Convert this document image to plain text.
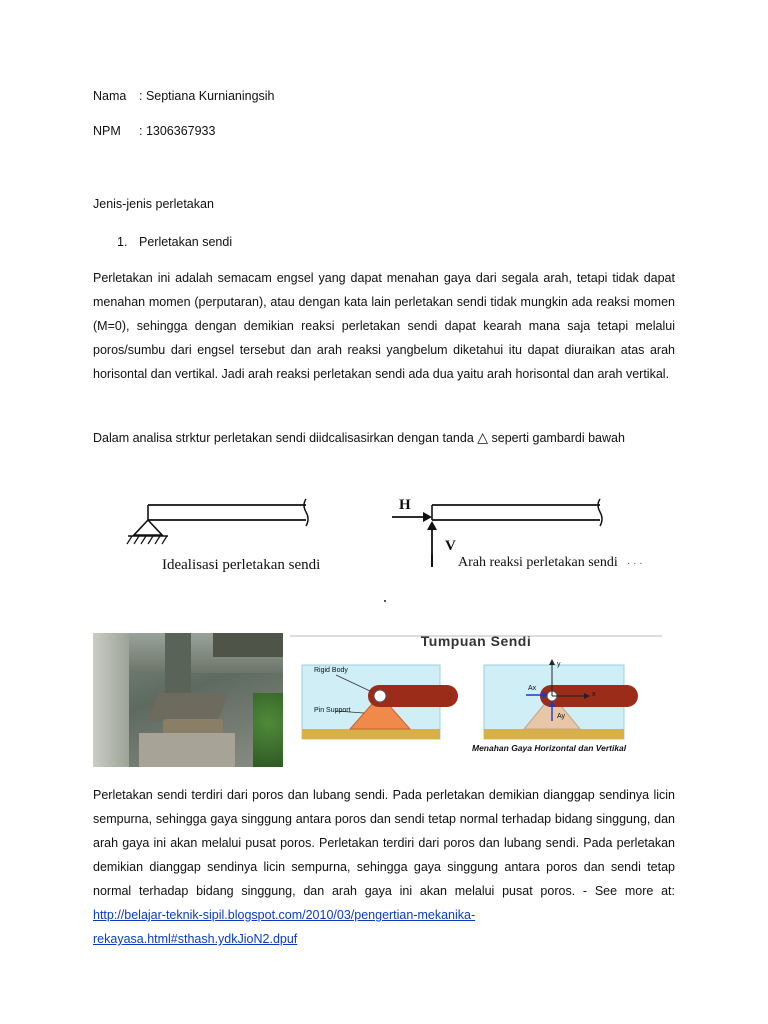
Nama : Septiana Kurnianingsih
NPM : 1306367933
Jenis-jenis perletakan
1. Perletakan sendi
Perletakan ini adalah semacam engsel yang dapat menahan gaya dari segala arah, tetapi tidak dapat menahan momen (perputaran), atau dengan kata lain perletakan sendi tidak mungkin ada reaksi momen (M=0), sehingga dengan demikian reaksi perletakan sendi dapat kearah mana saja tetapi melalui poros/sumbu dari engsel tersebut dan arah reaksi yangbelum diketahui itu dapat diuraikan atas arah horisontal dan vertikal. Jadi arah reaksi perletakan sendi ada dua yaitu arah horisontal dan arah vertikal.
Dalam analisa strktur perletakan sendi diidcalisasirkan dengan tanda △ seperti gambardi bawah
H
V
Idealisasi perletakan sendi	Arah reaksi perletakan sendi · · ·
Tumpuan Sendi
Rigid Body
Pin Support
y
x
Ax
Ay
Menahan Gaya Horizontal dan Vertikal
Perletakan sendi terdiri dari poros dan lubang sendi. Pada perletakan demikian dianggap sendinya licin sempurna, sehingga gaya singgung antara poros dan sendi tetap normal terhadap bidang singgung, dan arah gaya ini akan melalui pusat poros. Perletakan terdiri dari poros dan lubang sendi. Pada perletakan demikian dianggap sendinya licin sempurna, sehingga gaya singgung antara poros dan sendi tetap normal terhadap bidang singgung, dan arah gaya ini akan melalui pusat poros. - See more at: http://belajar-teknik-sipil.blogspot.com/2010/03/pengertian-mekanika-rekayasa.html#sthash.ydkJioN2.dpuf
